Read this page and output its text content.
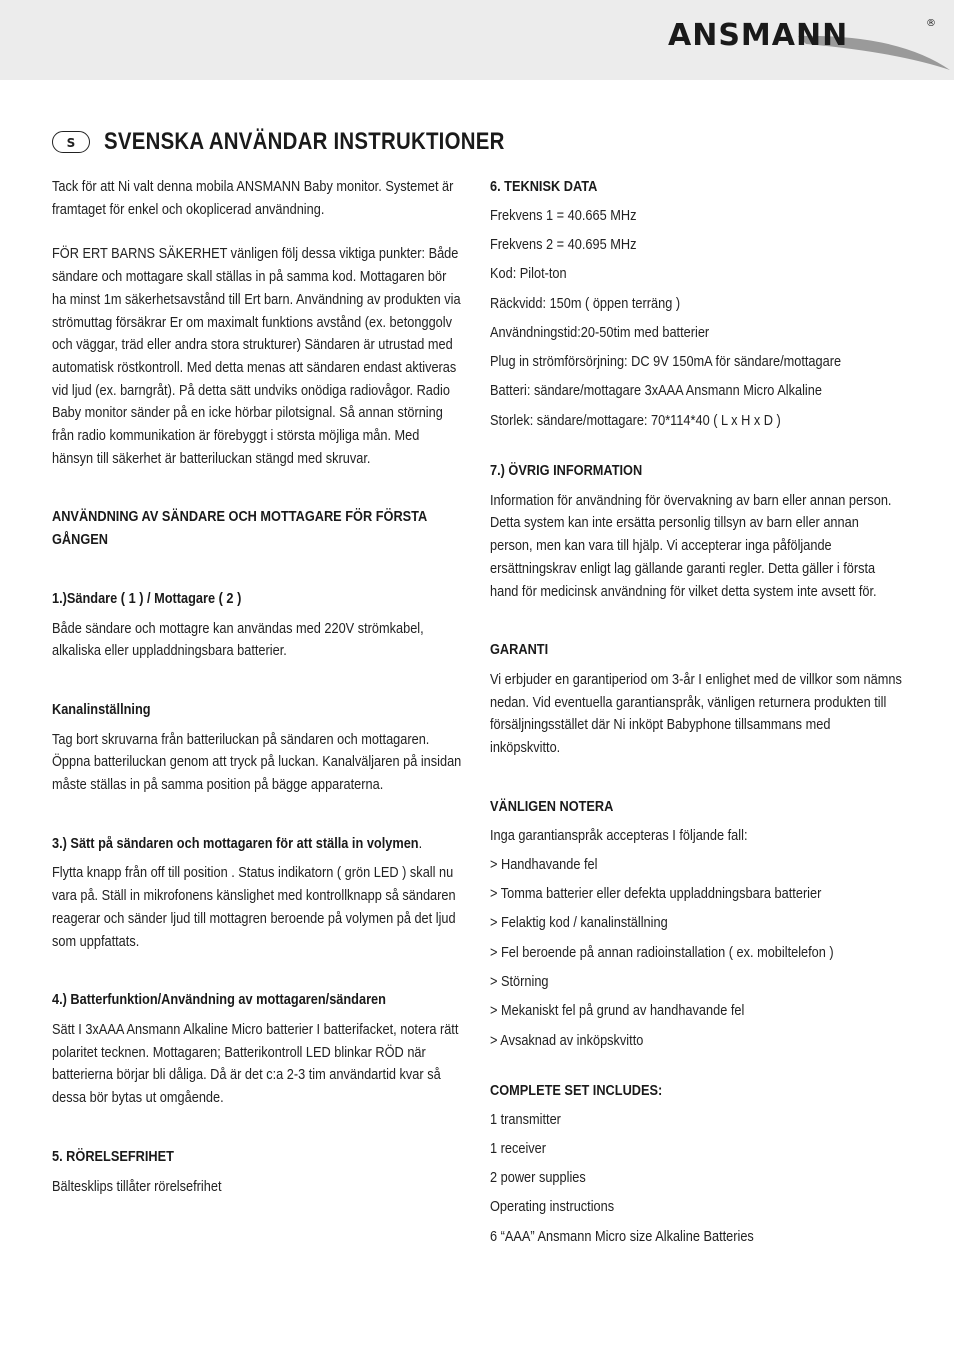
ANSMANN	®
S	SVENSKA ANVÄNDAR INSTRUKTIONER

Tack för att Ni valt denna mobila ANSMANN Baby monitor. Systemet är framtaget för enkel och okoplicerad användning.

FÖR ERT BARNS SÄKERHET vänligen följ dessa viktiga punkter: Både sändare och mottagare skall ställas in på samma kod. Mottagaren bör ha minst 1m säkerhetsavstånd till Ert barn. Användning av produkten via strömuttag försäkrar Er om maximalt funktions avstånd (ex. betonggolv och väggar, träd eller andra stora strukturer) Sändaren är utrustad med automatisk röstkontroll. Med detta menas att sändaren endast aktiveras vid ljud (ex. barngråt). På detta sätt undviks onödiga radiovågor. Radio Baby monitor sänder på en icke hörbar pilotsignal. Så annan störning från radio kommunikation är förebyggt i största möjliga mån. Med hänsyn till säkerhet är batteriluckan stängd med skruvar.

ANVÄNDNING AV SÄNDARE OCH MOTTAGARE FÖR FÖRSTA GÅNGEN

1.)Sändare ( 1 ) / Mottagare ( 2 )

Både sändare och mottagre kan användas med 220V strömkabel, alkaliska eller uppladdningsbara batterier.

Kanalinställning

Tag bort skruvarna från batteriluckan på sändaren och mottagaren. Öppna batteriluckan genom att tryck på luckan. Kanalväljaren på insidan måste ställas in på samma position på bägge apparaterna.

3.) Sätt på sändaren och mottagaren för att ställa in volymen.

Flytta knapp från off till position . Status indikatorn ( grön LED ) skall nu vara på. Ställ in mikrofonens känslighet med kontrollknapp så sändaren reagerar och sänder ljud till mottagren beroende på volymen på det ljud som uppfattats.

4.) Batterfunktion/Användning av mottagaren/sändaren

Sätt I 3xAAA Ansmann Alkaline Micro batterier I batterifacket, notera rätt polaritet tecknen. Mottagaren; Batterikontroll LED blinkar RÖD när batterierna börjar bli dåliga. Då är det c:a 2-3 tim användartid kvar så dessa bör bytas ut omgående.

5. RÖRELSEFRIHET

Bältesklips tillåter rörelsefrihet

6. TEKNISK DATA

Frekvens 1 = 40.665 MHz

Frekvens 2 = 40.695 MHz

Kod: Pilot-ton

Räckvidd: 150m ( öppen terräng )

Användningstid:20-50tim med batterier

Plug in strömförsörjning: DC 9V 150mA för sändare/mottagare

Batteri: sändare/mottagare 3xAAA Ansmann Micro Alkaline

Storlek: sändare/mottagare: 70*114*40 ( L x H x D )

7.) ÖVRIG INFORMATION

Information för användning för övervakning av barn eller annan person. Detta system kan inte ersätta personlig tillsyn av barn eller annan person, men kan vara till hjälp. Vi accepterar inga påföljande ersättningskrav enligt lag gällande garanti regler. Detta gäller i första hand för medicinsk användning för vilket detta system inte avsett för.

GARANTI

Vi erbjuder en garantiperiod om 3-år I enlighet med de villkor som nämns nedan. Vid eventuella garantianspråk, vänligen returnera produkten till försäljningsstället där Ni inköpt Babyphone tillsammans med inköpskvitto.

VÄNLIGEN NOTERA

Inga garantianspråk accepteras I följande fall:

> Handhavande fel

> Tomma batterier eller defekta uppladdningsbara batterier

> Felaktig kod / kanalinställning

> Fel beroende på annan radioinstallation ( ex. mobiltelefon )

> Störning

> Mekaniskt fel på grund av handhavande fel

> Avsaknad av inköpskvitto

COMPLETE SET INCLUDES:

1 transmitter

1 receiver

2 power supplies

Operating instructions

6 “AAA” Ansmann Micro size Alkaline Batteries
